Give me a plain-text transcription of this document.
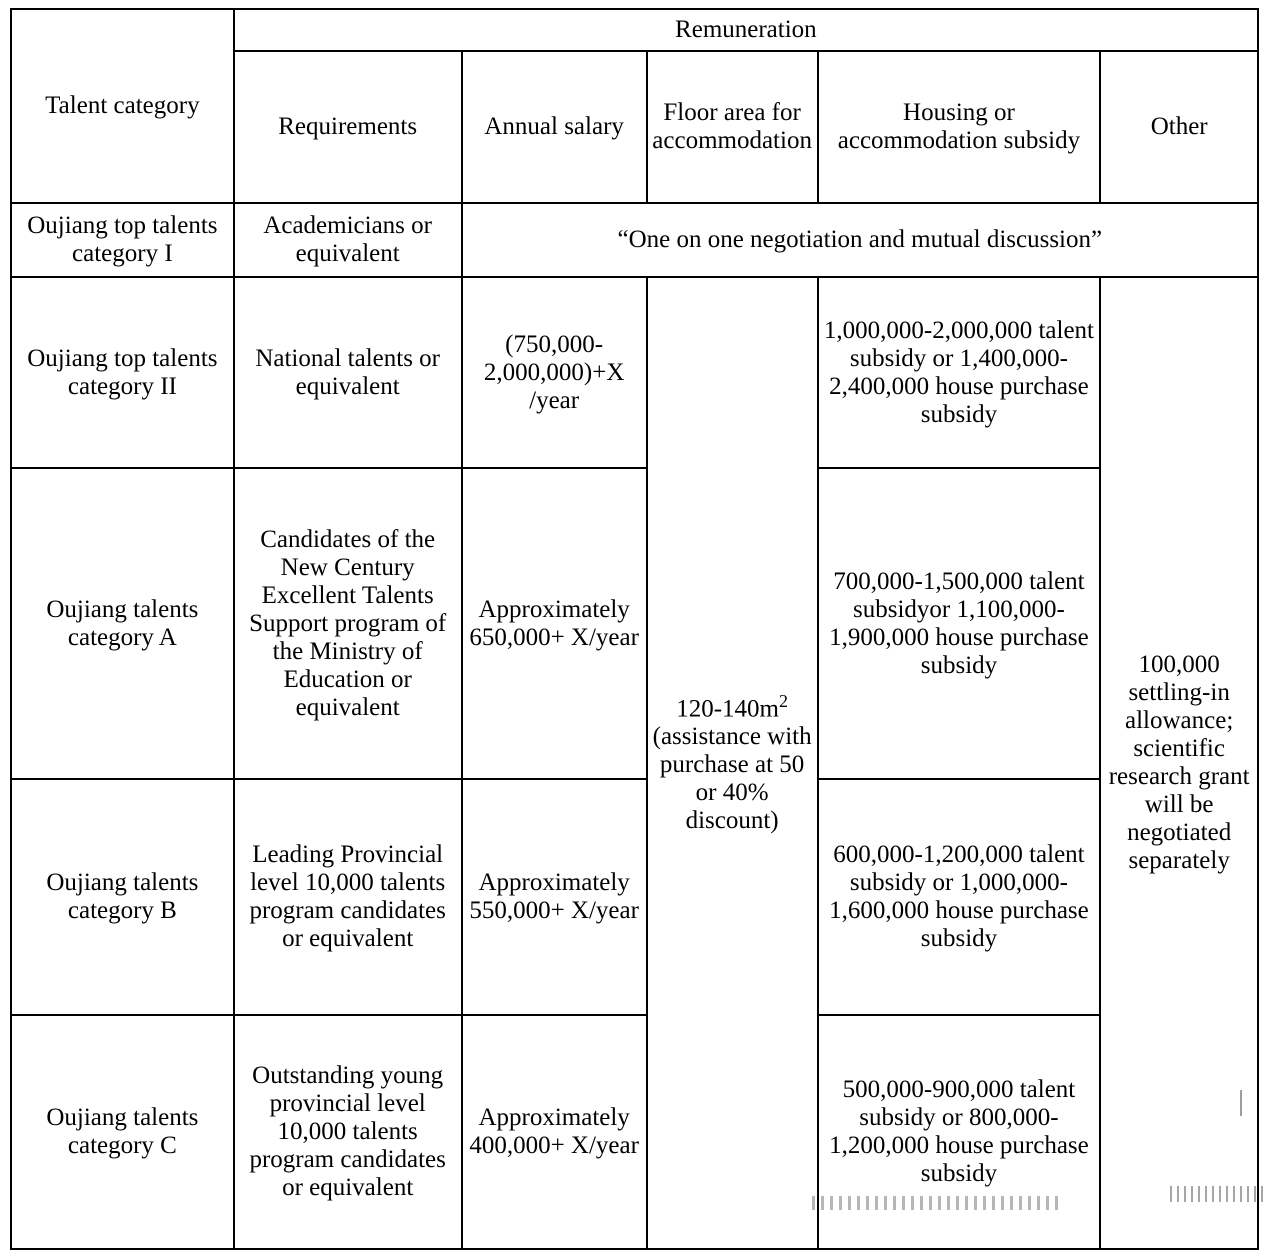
Talent category	Remuneration				
	Requirements	Annual salary	Floor area for accommodation	Housing or accommodation subsidy	Other
Oujiang top talents category I	Academicians or equivalent	“One on one negotiation and mutual discussion”			
Oujiang top talents category II	National talents or equivalent	(750,000-2,000,000)+X /year	$120-140m^2$ (assistance with purchase at 50 or 40% discount)	1,000,000-2,000,000 talent subsidy or 1,400,000-2,400,000 house purchase subsidy	100,000 settling-in allowance; scientific research grant will be negotiated separately
Oujiang talents category A	Candidates of the New Century Excellent Talents Support program of the Ministry of Education or equivalent	Approximately 650,000+ X/year		700,000-1,500,000 talent subsidyor 1,100,000-1,900,000 house purchase subsidy	
Oujiang talents category B	Leading Provincial level 10,000 talents program candidates or equivalent	Approximately 550,000+ X/year		600,000-1,200,000 talent subsidy or 1,000,000-1,600,000 house purchase subsidy	
Oujiang talents category C	Outstanding young provincial level 10,000 talents program candidates or equivalent	Approximately 400,000+ X/year		500,000-900,000 talent subsidy or 800,000-1,200,000 house purchase subsidy	
